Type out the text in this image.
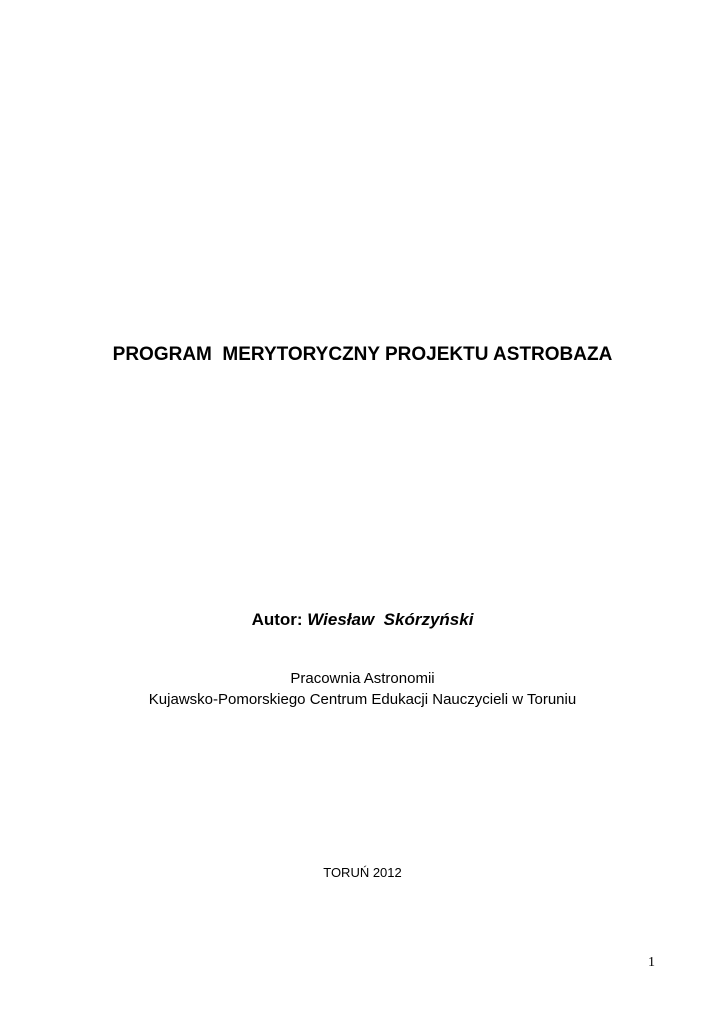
PROGRAM  MERYTORYCZNY PROJEKTU ASTROBAZA
Autor: Wiesław  Skórzyński
Pracownia Astronomii
Kujawsko-Pomorskiego Centrum Edukacji Nauczycieli w Toruniu
TORUŃ 2012
1
